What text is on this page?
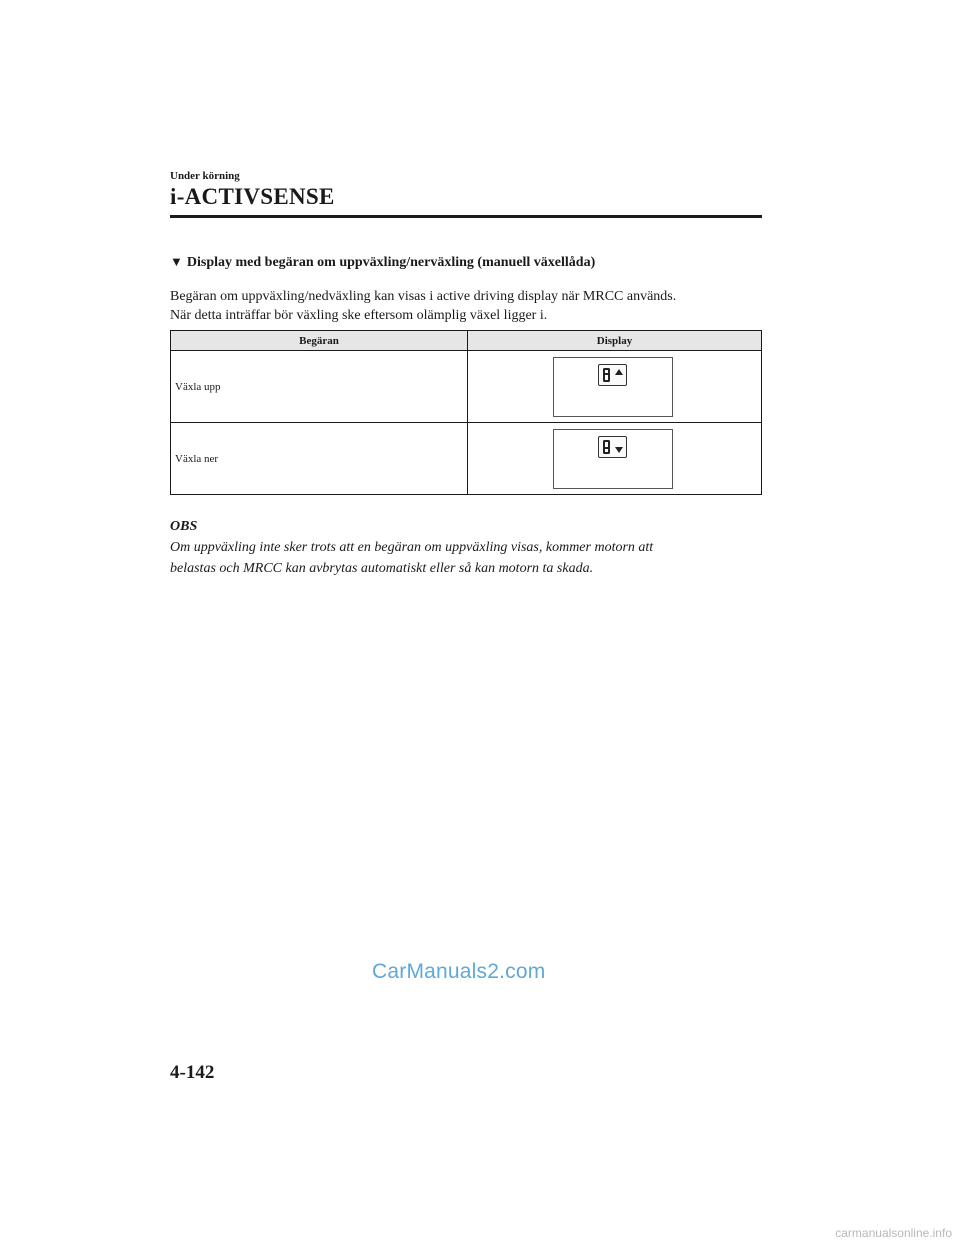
Under körning
i-ACTIVSENSE
▼ Display med begäran om uppväxling/nerväxling (manuell växellåda)

Begäran om uppväxling/nedväxling kan visas i active driving display när MRCC används.

När detta inträffar bör växling ske eftersom olämplig växel ligger i.

Begäran	Display
Växla upp	

Växla ner	

OBS

Om uppväxling inte sker trots att en begäran om uppväxling visas, kommer motorn att

belastas och MRCC kan avbrytas automatiskt eller så kan motorn ta skada.

CarManuals2.com
4-142
carmanualsonline.info
